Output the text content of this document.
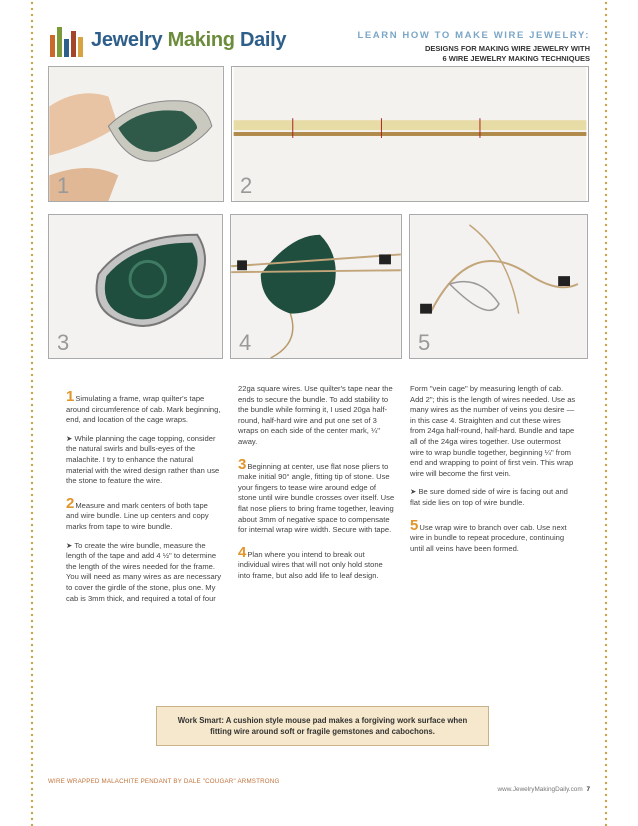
Jewelry Making Daily	LEARN HOW TO MAKE WIRE JEWELRY:
DESIGNS FOR MAKING WIRE JEWELRY WITH
6 WIRE JEWELRY MAKING TECHNIQUES
1	2
3	4	5

1Simulating a frame, wrap quilter's tape around circumference of cab. Mark beginning, end, and location of the cage wraps.

➤ While planning the cage topping, consider the natural swirls and bulls-eyes of the malachite. I try to enhance the natural material with the wired design rather than use the stone to feature the wire.

2Measure and mark centers of both tape and wire bundle. Line up centers and copy marks from tape to wire bundle.

➤ To create the wire bundle, measure the length of the tape and add 4 ½" to determine the length of the wires needed for the frame. You will need as many wires as are necessary to cover the girdle of the stone, plus one. My cab is 3mm thick, and required a total of four

22ga square wires. Use quilter's tape near the ends to secure the bundle. To add stability to the bundle while forming it, I used 20ga half-round, half-hard wire and put one set of 3 wraps on each side of the center mark, ¼" away.

3Beginning at center, use flat nose pliers to make initial 90° angle, fitting tip of stone. Use your fingers to tease wire around edge of stone until wire bundle crosses over itself. Use flat nose pliers to bring frame together, leaving about 3mm of negative space to compensate for internal wrap wire width. Secure with tape.

4Plan where you intend to break out individual wires that will not only hold stone into frame, but also add life to leaf design.

Form "vein cage" by measuring length of cab. Add 2"; this is the length of wires needed. Use as many wires as the number of veins you desire — in this case 4. Straighten and cut these wires from 24ga half-round, half-hard. Bundle and tape all of the 24ga wires together. Use outermost wire to wrap bundle together, beginning ¼" from end and wrapping to point of first vein. This wrap wire will become the first vein.

➤ Be sure domed side of wire is facing out and flat side lies on top of wire bundle.

5Use wrap wire to branch over cab. Use next wire in bundle to repeat procedure, continuing until all veins have been formed.

Work Smart: A cushion style mouse pad makes a forgiving work surface when
fitting wire around soft or fragile gemstones and cabochons.
WIRE WRAPPED MALACHITE PENDANT BY DALE "COUGAR" ARMSTRONG
www.JewelryMakingDaily.com 7
